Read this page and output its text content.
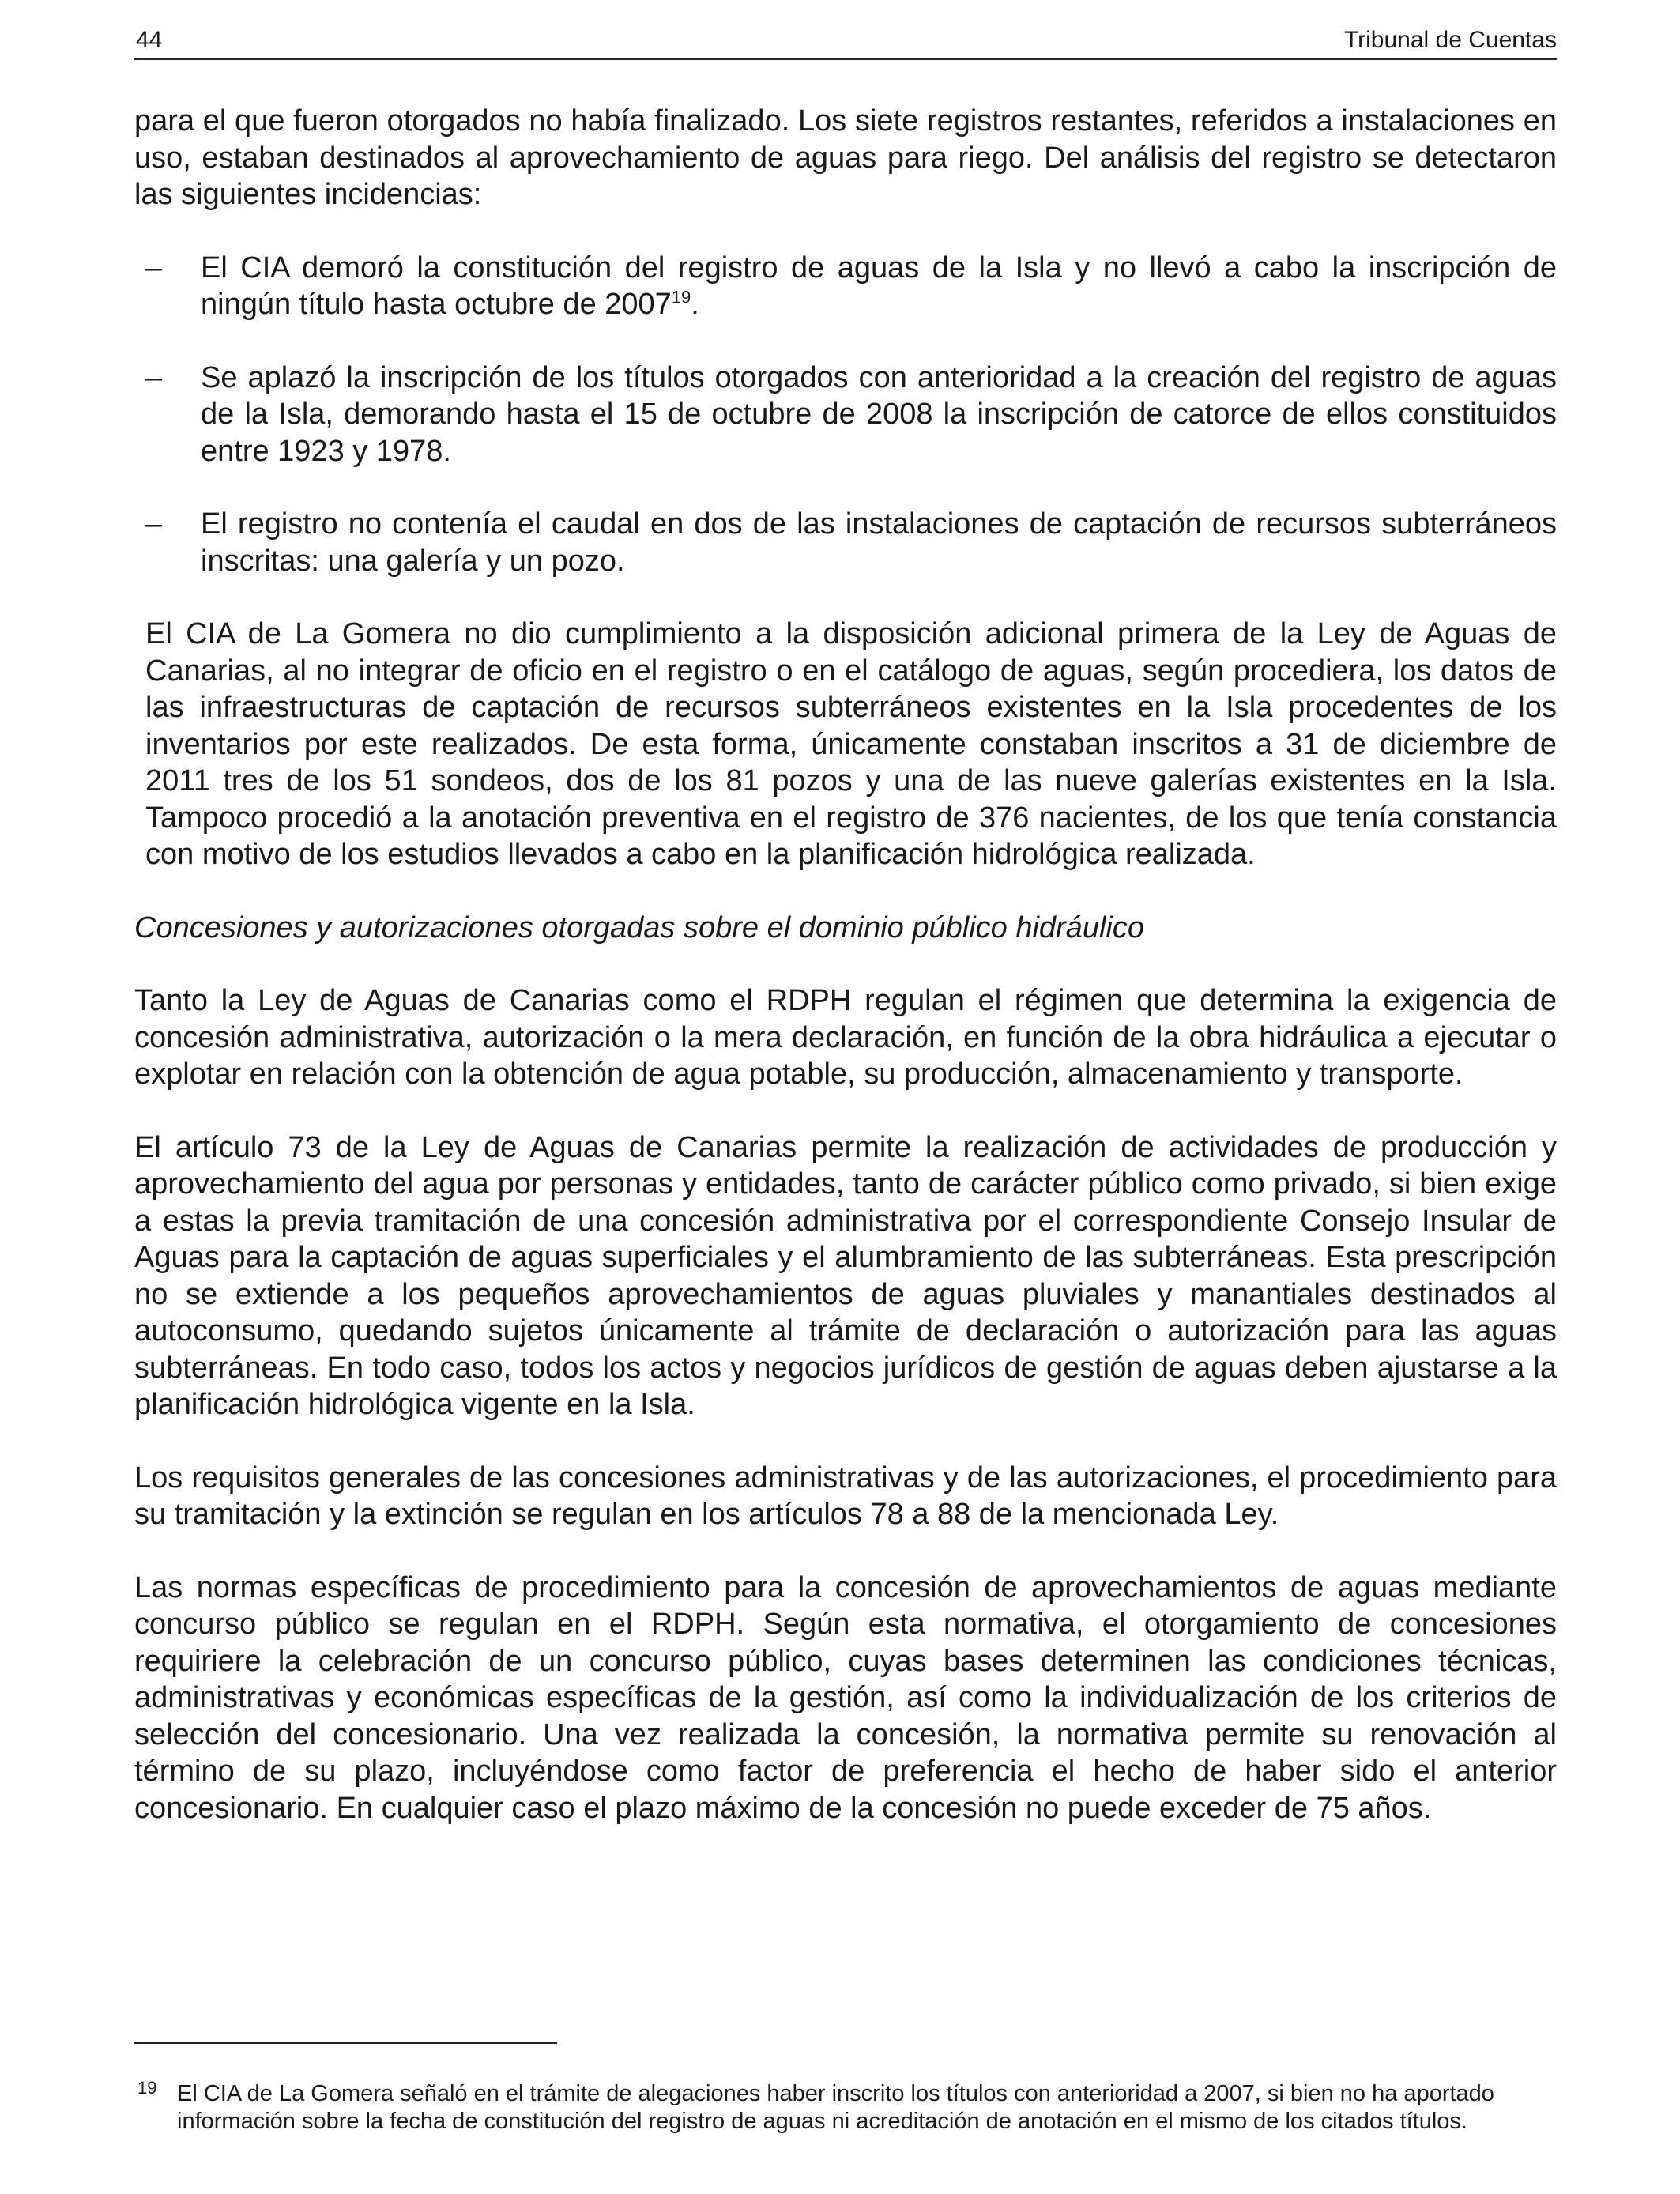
44	Tribunal de Cuentas

para el que fueron otorgados no había finalizado. Los siete registros restantes, referidos a instalaciones en uso, estaban destinados al aprovechamiento de aguas para riego. Del análisis del registro se detectaron las siguientes incidencias:

– El CIA demoró la constitución del registro de aguas de la Isla y no llevó a cabo la inscripción de ningún título hasta octubre de 2007$^{19}$.
– Se aplazó la inscripción de los títulos otorgados con anterioridad a la creación del registro de aguas de la Isla, demorando hasta el 15 de octubre de 2008 la inscripción de catorce de ellos constituidos entre 1923 y 1978.
– El registro no contenía el caudal en dos de las instalaciones de captación de recursos subterráneos inscritas: una galería y un pozo.

El CIA de La Gomera no dio cumplimiento a la disposición adicional primera de la Ley de Aguas de Canarias, al no integrar de oficio en el registro o en el catálogo de aguas, según procediera, los datos de las infraestructuras de captación de recursos subterráneos existentes en la Isla procedentes de los inventarios por este realizados. De esta forma, únicamente constaban inscritos a 31 de diciembre de 2011 tres de los 51 sondeos, dos de los 81 pozos y una de las nueve galerías existentes en la Isla. Tampoco procedió a la anotación preventiva en el registro de 376 nacientes, de los que tenía constancia con motivo de los estudios llevados a cabo en la planificación hidrológica realizada.

Concesiones y autorizaciones otorgadas sobre el dominio público hidráulico

Tanto la Ley de Aguas de Canarias como el RDPH regulan el régimen que determina la exigencia de concesión administrativa, autorización o la mera declaración, en función de la obra hidráulica a ejecutar o explotar en relación con la obtención de agua potable, su producción, almacenamiento y transporte.

El artículo 73 de la Ley de Aguas de Canarias permite la realización de actividades de producción y aprovechamiento del agua por personas y entidades, tanto de carácter público como privado, si bien exige a estas la previa tramitación de una concesión administrativa por el correspondiente Consejo Insular de Aguas para la captación de aguas superficiales y el alumbramiento de las subterráneas. Esta prescripción no se extiende a los pequeños aprovechamientos de aguas pluviales y manantiales destinados al autoconsumo, quedando sujetos únicamente al trámite de declaración o autorización para las aguas subterráneas. En todo caso, todos los actos y negocios jurídicos de gestión de aguas deben ajustarse a la planificación hidrológica vigente en la Isla.

Los requisitos generales de las concesiones administrativas y de las autorizaciones, el procedimiento para su tramitación y la extinción se regulan en los artículos 78 a 88 de la mencionada Ley.

Las normas específicas de procedimiento para la concesión de aprovechamientos de aguas mediante concurso público se regulan en el RDPH. Según esta normativa, el otorgamiento de concesiones requiriere la celebración de un concurso público, cuyas bases determinen las condiciones técnicas, administrativas y económicas específicas de la gestión, así como la individualización de los criterios de selección del concesionario. Una vez realizada la concesión, la normativa permite su renovación al término de su plazo, incluyéndose como factor de preferencia el hecho de haber sido el anterior concesionario. En cualquier caso el plazo máximo de la concesión no puede exceder de 75 años.

19 El CIA de La Gomera señaló en el trámite de alegaciones haber inscrito los títulos con anterioridad a 2007, si bien no ha aportado información sobre la fecha de constitución del registro de aguas ni acreditación de anotación en el mismo de los citados títulos.
